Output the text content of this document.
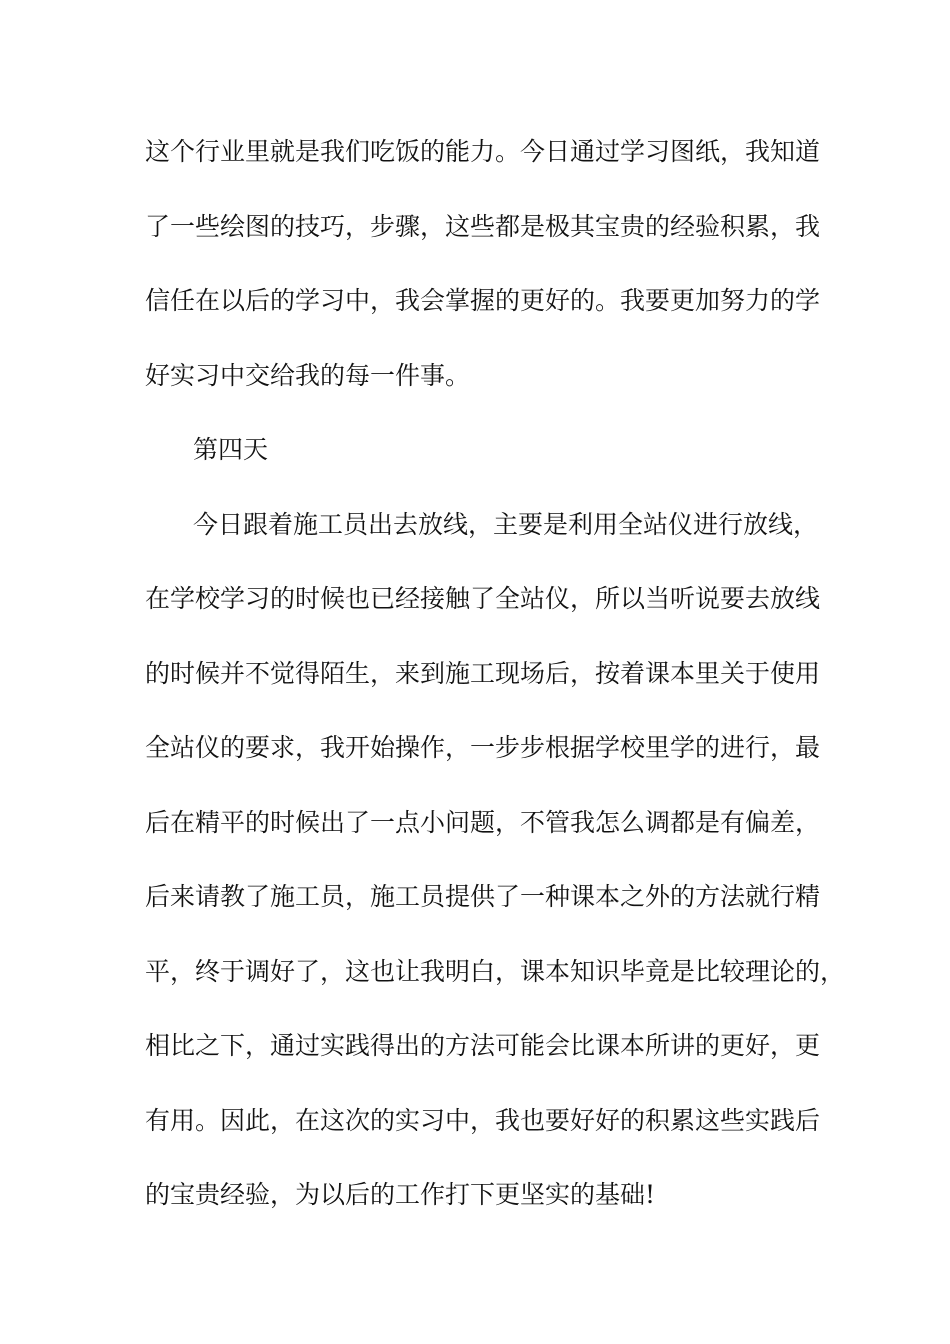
这个行业里就是我们吃饭的能力。今日通过学习图纸，我知道
了一些绘图的技巧，步骤，这些都是极其宝贵的经验积累，我
信任在以后的学习中，我会掌握的更好的。我要更加努力的学
好实习中交给我的每一件事。
第四天
今日跟着施工员出去放线，主要是利用全站仪进行放线，
在学校学习的时候也已经接触了全站仪，所以当听说要去放线
的时候并不觉得陌生，来到施工现场后，按着课本里关于使用
全站仪的要求，我开始操作，一步步根据学校里学的进行，最
后在精平的时候出了一点小问题，不管我怎么调都是有偏差，
后来请教了施工员，施工员提供了一种课本之外的方法就行精
平，终于调好了，这也让我明白，课本知识毕竟是比较理论的，
相比之下，通过实践得出的方法可能会比课本所讲的更好，更
有用。因此，在这次的实习中，我也要好好的积累这些实践后
的宝贵经验，为以后的工作打下更坚实的基础!
